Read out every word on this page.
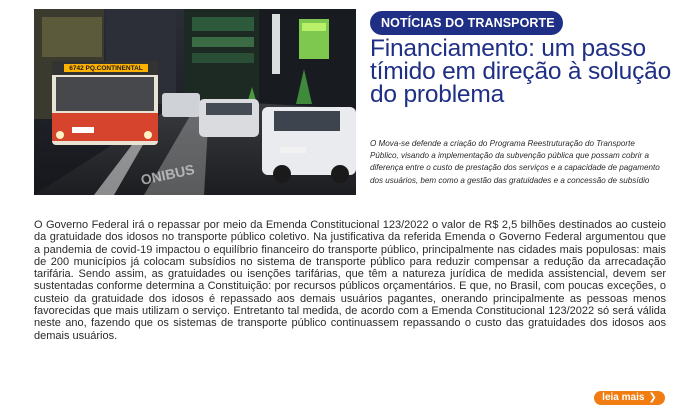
ONIBUS
6742 PQ.CONTINENTAL
NOTÍCIAS DO TRANSPORTE
Financiamento: um passo tímido em direção à solução do problema

O Mova-se defende a criação do Programa Reestruturação do Transporte Público, visando a implementação da subvenção pública que possam cobrir a diferença entre o custo de prestação dos serviços e a capacidade de pagamento dos usuários, bem como a gestão das gratuidades e a concessão de subsídio

O Governo Federal irá o repassar por meio da Emenda Constitucional 123/2022 o valor de R$ 2,5 bilhões destinados ao custeio da gratuidade dos idosos no transporte público coletivo. Na justificativa da referida Emenda o Governo Federal argumentou que a pandemia de covid-19 impactou o equilíbrio financeiro do transporte público, principalmente nas cidades mais populosas: mais de 200 municípios já colocam subsídios no sistema de transporte público para reduzir compensar a redução da arrecadação tarifária. Sendo assim, as gratuidades ou isenções tarifárias, que têm a natureza jurídica de medida assistencial, devem ser sustentadas conforme determina a Constituição: por recursos públicos orçamentários. E que, no Brasil, com poucas exceções, o custeio da gratuidade dos idosos é repassado aos demais usuários pagantes, onerando principalmente as pessoas menos favorecidas que mais utilizam o serviço. Entretanto tal medida, de acordo com a Emenda Constitucional 123/2022 só será válida neste ano, fazendo que os sistemas de transporte público continuassem repassando o custo das gratuidades dos idosos aos demais usuários.

leia mais ❯
